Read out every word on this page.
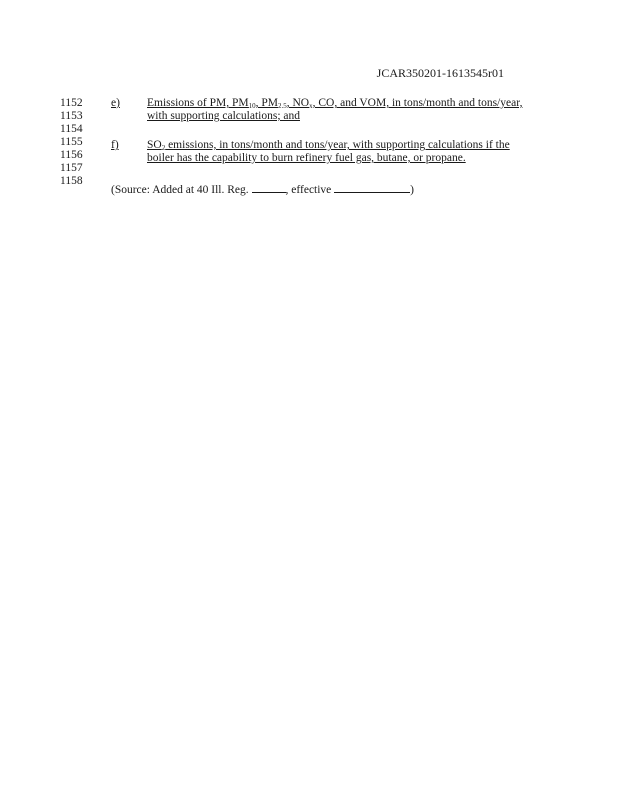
JCAR350201-1613545r01
1152
1153
1154
1155
1156
1157
1158
e) Emissions of PM, $PM_{10}$, $PM_{2.5}$, $NO_x$, CO, and VOM, in tons/month and tons/year,
with supporting calculations; and
f) $SO_2$ emissions, in tons/month and tons/year, with supporting calculations if the
boiler has the capability to burn refinery fuel gas, butane, or propane.
(Source: Added at 40 Ill. Reg.	, effective	)
